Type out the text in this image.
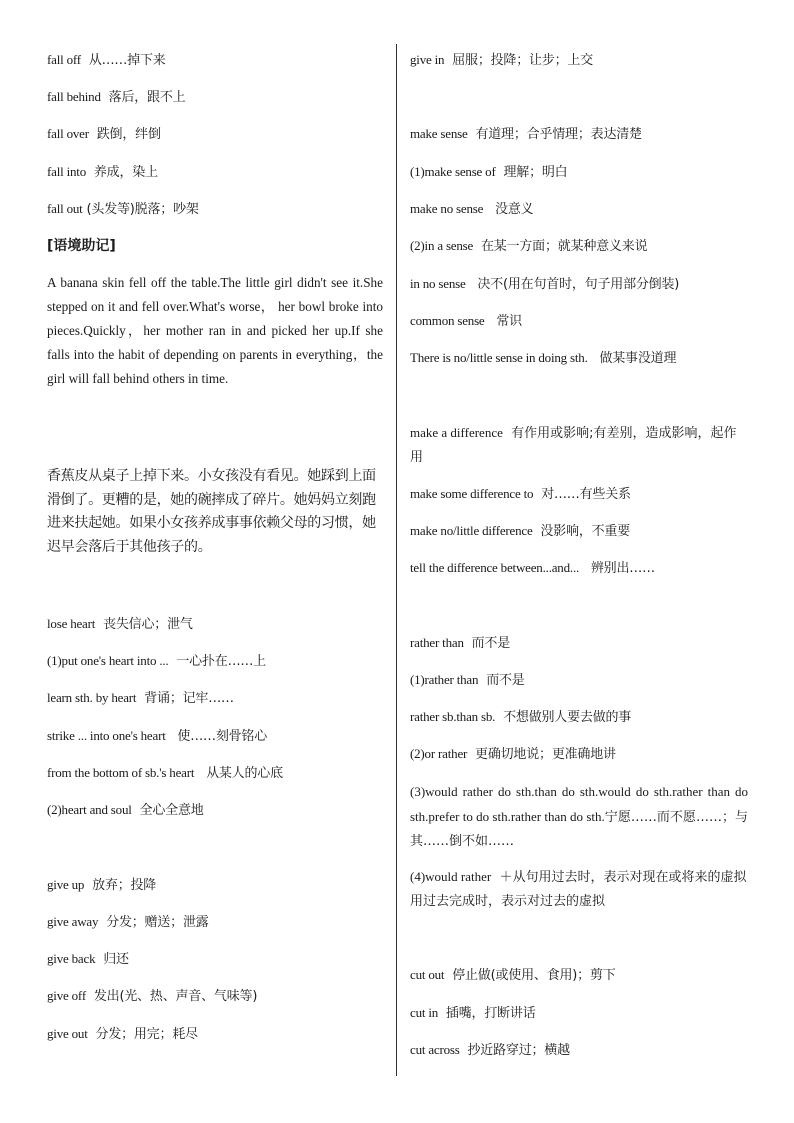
fall off 从……掉下来
fall behind 落后，跟不上
fall over 跌倒，绊倒
fall into 养成，染上
fall out (头发等)脱落；吵架
[语境助记]
A banana skin fell off the table.The little girl didn't see it.She stepped on it and fell over.What's worse， her bowl broke into pieces.Quickly，her mother ran in and picked her up.If she falls into the habit of depending on parents in everything，the girl will fall behind others in time.
香蕉皮从桌子上掉下来。小女孩没有看见。她踩到上面滑倒了。更糟的是，她的碗摔成了碎片。她妈妈立刻跑进来扶起她。如果小女孩养成事事依赖父母的习惯，她迟早会落后于其他孩子的。
lose heart 丧失信心；泄气
(1)put one's heart into ... 一心扑在……上
learn sth. by heart 背诵；记牢……
strike ... into one's heart 使……刻骨铭心
from the bottom of sb.'s heart 从某人的心底
(2)heart and soul 全心全意地
give up 放弃；投降
give away 分发；赠送；泄露
give back 归还
give off 发出(光、热、声音、气味等)
give out 分发；用完；耗尽
give in 屈服；投降；让步；上交
make sense 有道理；合乎情理；表达清楚
(1)make sense of 理解；明白
make no sense 没意义
(2)in a sense 在某一方面；就某种意义来说
in no sense 决不(用在句首时，句子用部分倒装)
common sense 常识
There is no/little sense in doing sth. 做某事没道理
make a difference 有作用或影响;有差别，造成影响，起作用
make some difference to 对……有些关系
make no/little difference 没影响，不重要
tell the difference between...and... 辨别出……
rather than 而不是
(1)rather than 而不是
rather sb.than sb. 不想做别人要去做的事
(2)or rather 更确切地说；更准确地讲
(3)would rather do sth.than do sth.would do sth.rather than do sth.prefer to do sth.rather than do sth.宁愿……而不愿……；与其……倒不如……
(4)would rather ＋从句用过去时，表示对现在或将来的虚拟用过去完成时，表示对过去的虚拟
cut out 停止做(或使用、食用)；剪下
cut in 插嘴，打断讲话
cut across 抄近路穿过；横越
